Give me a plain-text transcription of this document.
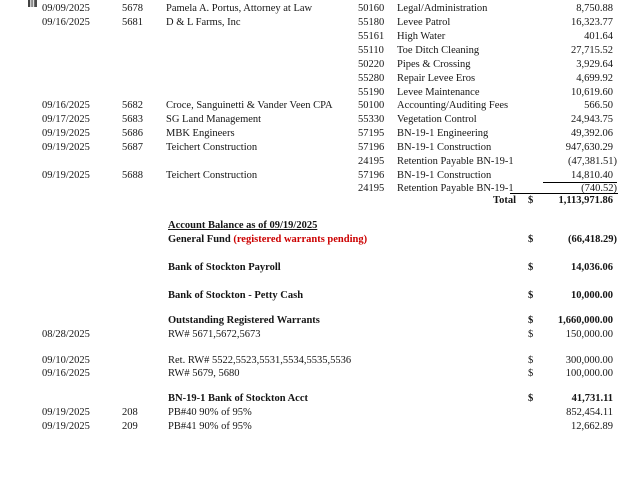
09/09/2025	5678 Pamela A. Portus, Attorney at Law	50160 Legal/Administration	8,750.88
09/16/2025	5681 D & L Farms, Inc	55180 Levee Patrol	16,323.77
55161 High Water	401.64
55110 Toe Ditch Cleaning	27,715.52
50220 Pipes & Crossing	3,929.64
55280 Repair Levee Eros	4,699.92
55190 Levee Maintenance	10,619.60
09/16/2025	5682 Croce, Sanguinetti & Vander Veen CPA 50100 Accounting/Auditing Fees	566.50
09/17/2025	5683 SG Land Management	55330 Vegetation Control	24,943.75
09/19/2025	5686 MBK Engineers	57195 BN-19-1 Engineering	49,392.06
09/19/2025	5687 Teichert Construction	57196 BN-19-1 Construction	947,630.29
24195 Retention Payable BN-19-1	(47,381.51)
09/19/2025	5688 Teichert Construction	57196 BN-19-1 Construction	14,810.40
24195 Retention Payable BN-19-1	(740.52)
Total $	1,113,971.86
Account Balance as of 09/19/2025
General Fund (registered warrants pending)	$	(66,418.29)
Bank of Stockton Payroll	$	14,036.06
Bank of Stockton - Petty Cash	$	10,000.00
Outstanding Registered Warrants	$	1,660,000.00
08/28/2025	RW# 5671,5672,5673	$	150,000.00
09/10/2025	Ret. RW# 5522,5523,5531,5534,5535,5536	$	300,000.00
09/16/2025	RW# 5679, 5680	$	100,000.00
BN-19-1 Bank of Stockton Acct	$	41,731.11
09/19/2025	208	PB#40 90% of 95%	852,454.11
09/19/2025	209	PB#41 90% of 95%	12,662.89
